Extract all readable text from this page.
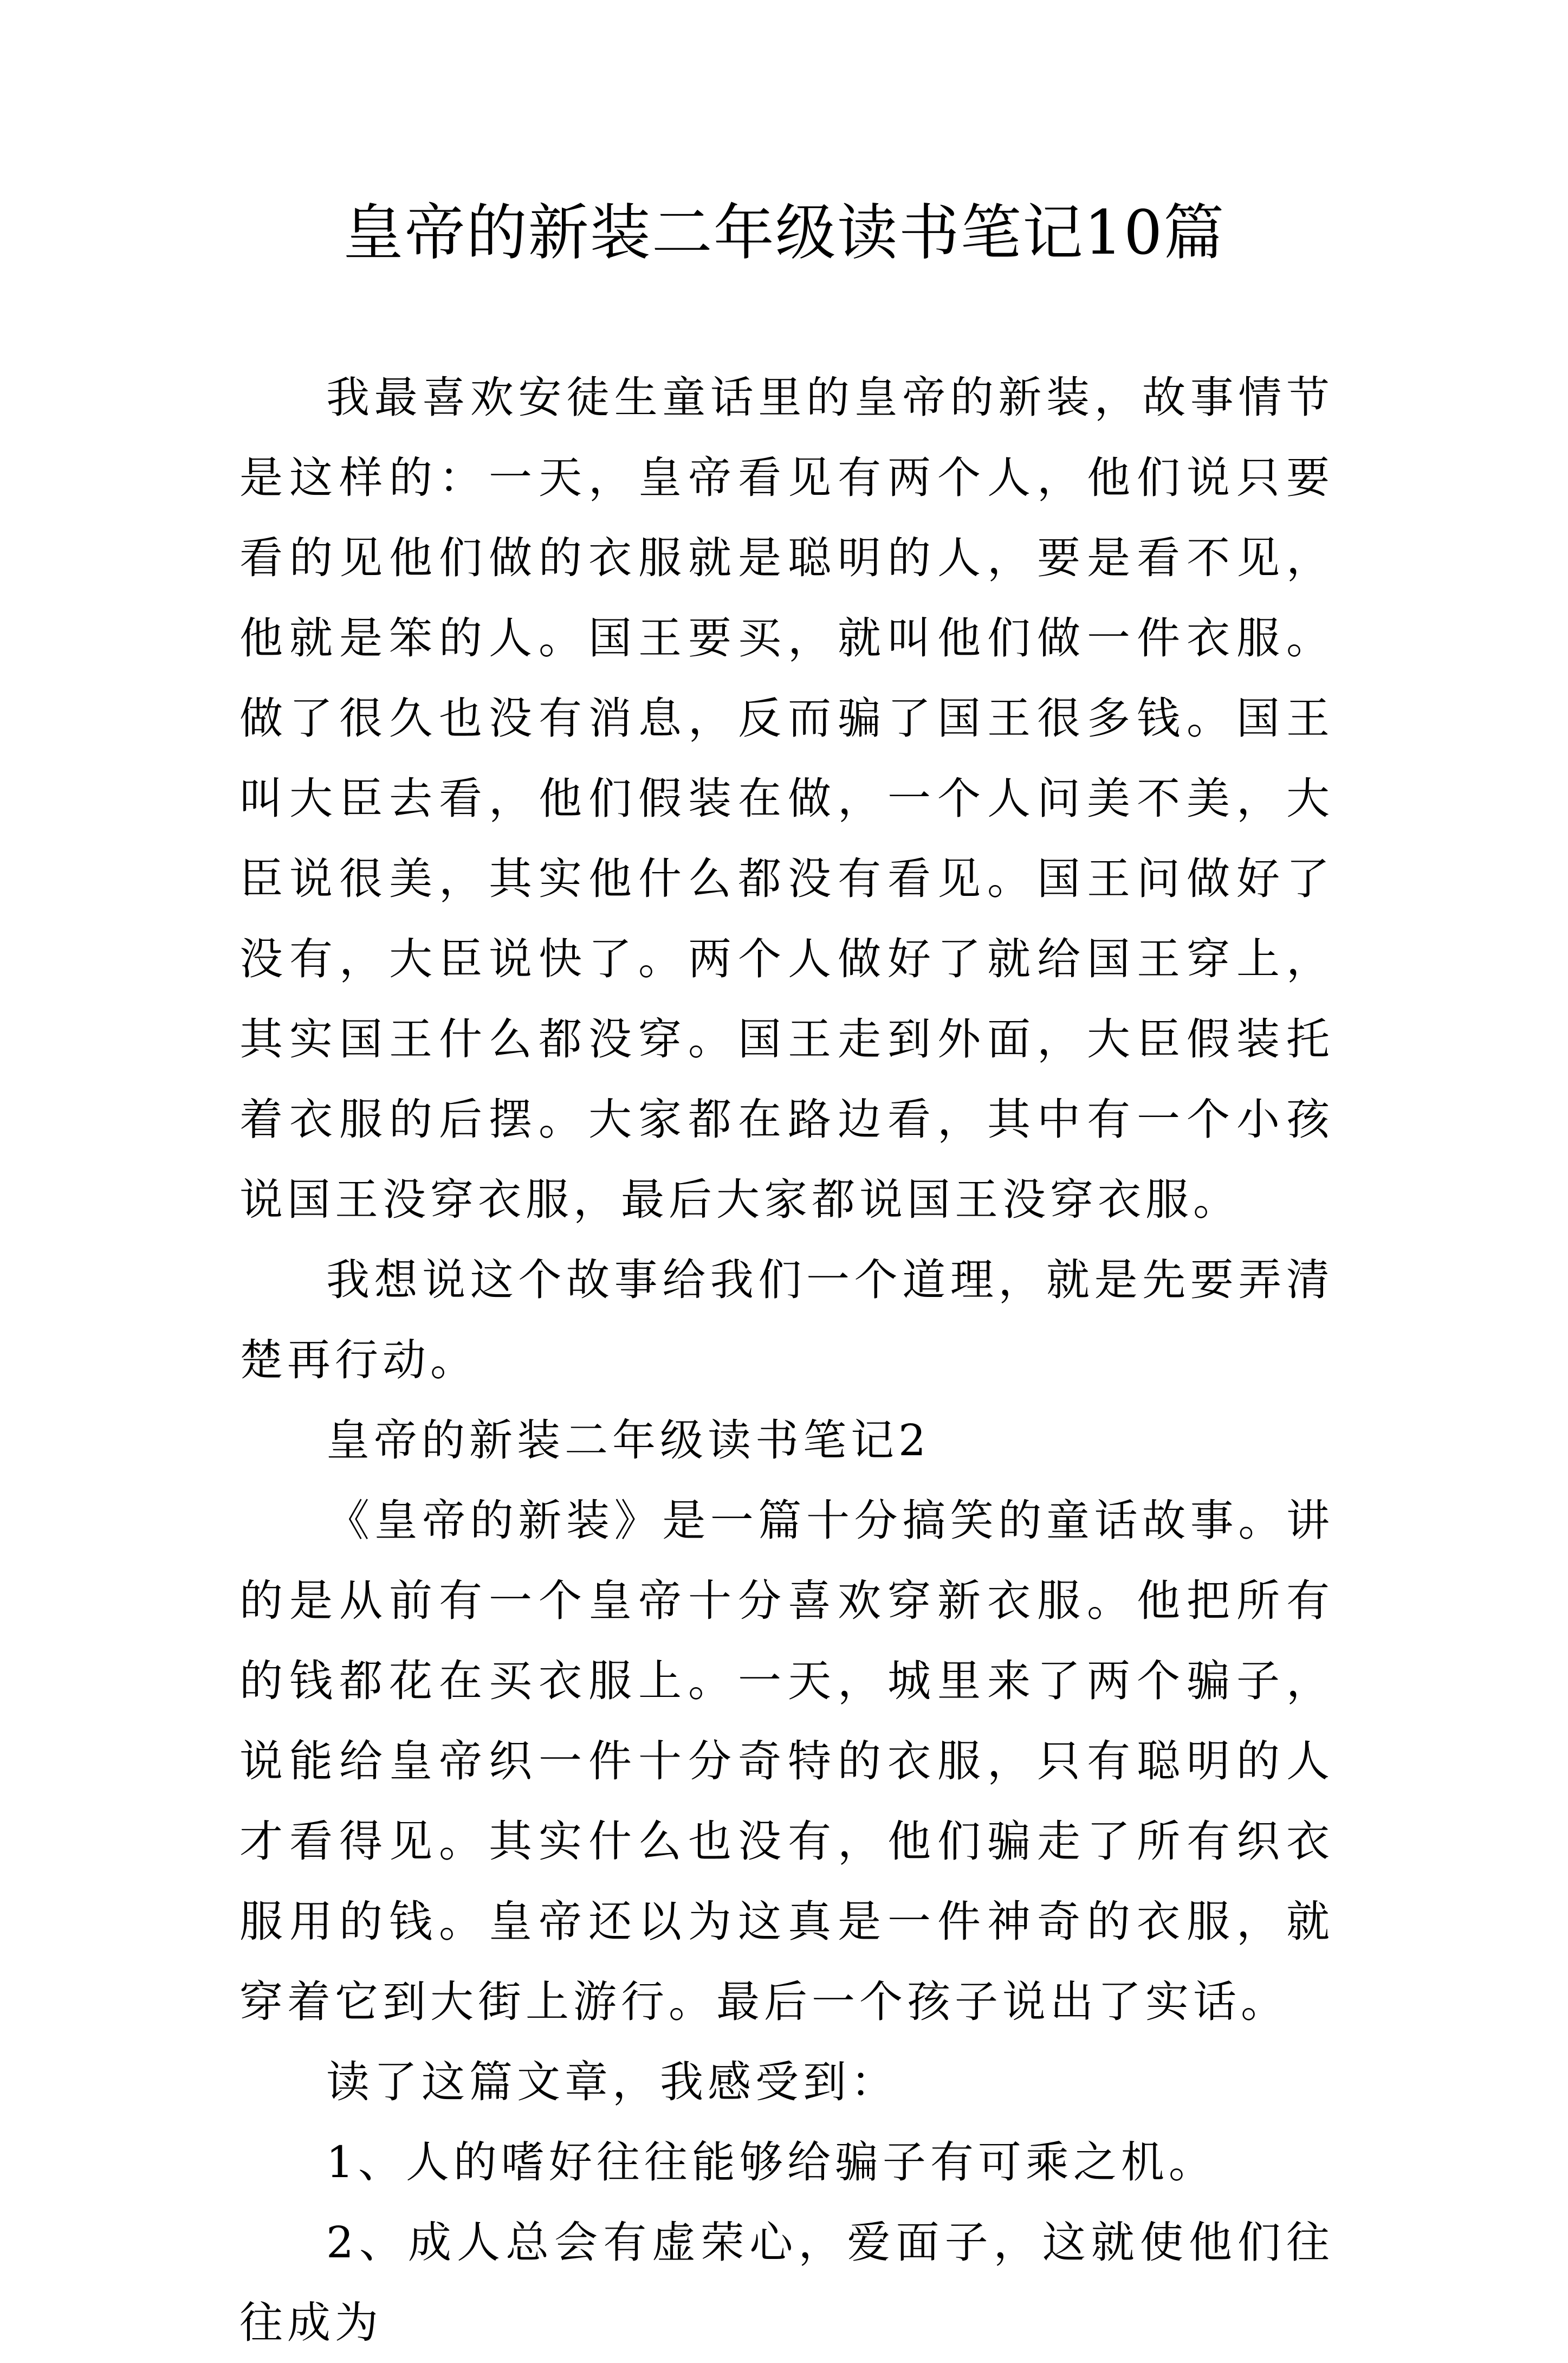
皇帝的新装二年级读书笔记10篇

我最喜欢安徒生童话里的皇帝的新装，故事情节是这样的：一天，皇帝看见有两个人，他们说只要看的见他们做的衣服就是聪明的人，要是看不见，他就是笨的人。国王要买，就叫他们做一件衣服。做了很久也没有消息，反而骗了国王很多钱。国王叫大臣去看，他们假装在做，一个人问美不美，大臣说很美，其实他什么都没有看见。国王问做好了没有，大臣说快了。两个人做好了就给国王穿上，其实国王什么都没穿。国王走到外面，大臣假装托着衣服的后摆。大家都在路边看，其中有一个小孩说国王没穿衣服，最后大家都说国王没穿衣服。

我想说这个故事给我们一个道理，就是先要弄清楚再行动。

皇帝的新装二年级读书笔记2

《皇帝的新装》是一篇十分搞笑的童话故事。讲的是从前有一个皇帝十分喜欢穿新衣服。他把所有的钱都花在买衣服上。一天，城里来了两个骗子，说能给皇帝织一件十分奇特的衣服，只有聪明的人才看得见。其实什么也没有，他们骗走了所有织衣服用的钱。皇帝还以为这真是一件神奇的衣服，就穿着它到大街上游行。最后一个孩子说出了实话。

读了这篇文章，我感受到：

1、人的嗜好往往能够给骗子有可乘之机。

2、成人总会有虚荣心，爱面子，这就使他们往往成为
